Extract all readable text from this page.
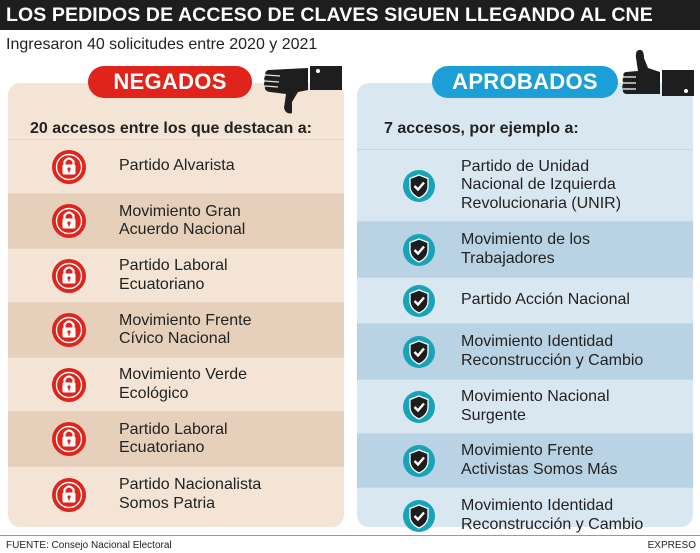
LOS PEDIDOS DE ACCESO DE CLAVES SIGUEN LLEGANDO AL CNE
Ingresaron 40 solicitudes entre 2020 y 2021
NEGADOS	APROBADOS
20 accesos entre los que destacan a:	7 accesos, por ejemplo a:
Partido Alvarista
Movimiento Gran
Acuerdo Nacional
Partido Laboral
Ecuatoriano
Movimiento Frente
Cívico Nacional
Movimiento Verde
Ecológico
Partido Laboral
Ecuatoriano
Partido Nacionalista
Somos Patria
Partido de Unidad
Nacional de Izquierda
Revolucionaria (UNIR)
Movimiento de los
Trabajadores
Partido Acción Nacional
Movimiento Identidad
Reconstrucción y Cambio
Movimiento Nacional
Surgente
Movimiento Frente
Activistas Somos Más
Movimiento Identidad
Reconstrucción y Cambio
FUENTE: Consejo Nacional Electoral	EXPRESO
